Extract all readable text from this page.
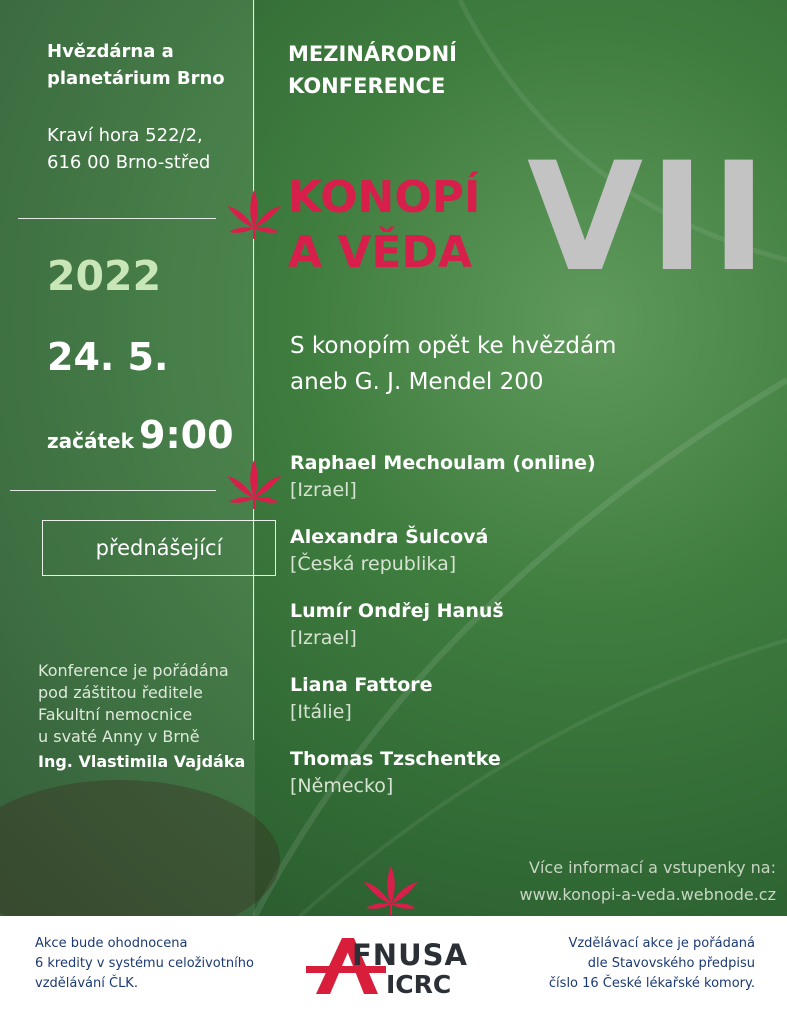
Hvězdárna a
planetárium Brno
Kraví hora 522/2,
616 00 Brno-střed
2022
24. 5.
začátek 9:00
přednášející
Konference je pořádána
pod záštitou ředitele
Fakultní nemocnice
u svaté Anny v Brně
Ing. Vlastimila Vajdáka
MEZINÁRODNÍ
KONFERENCE
KONOPÍ
A VĚDA VII
S konopím opět ke hvězdám
aneb G. J. Mendel 200
Raphael Mechoulam (online)
[Izrael]
Alexandra Šulcová
[Česká republika]
Lumír Ondřej Hanuš
[Izrael]
Liana Fattore
[Itálie]
Thomas Tzschentke
[Německo]
Více informací a vstupenky na:
www.konopi-a-veda.webnode.cz
Akce bude ohodnocena
6 kredity v systému celoživotního
vzdělávání ČLK.
FNUSA
ICRC
Vzdělávací akce je pořádaná
dle Stavovského předpisu
číslo 16 České lékařské komory.
